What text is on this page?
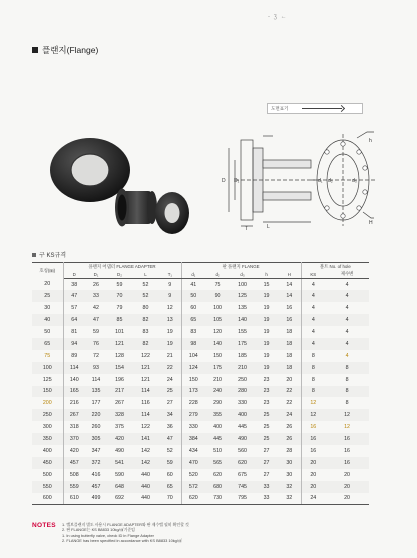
- ʒ ←
플랜지(Flange)
도면표기
D D₁
L
T
d₁ d₂	d₃
h
H
구 KS규격
호칭(㎜)	플랜지 어댑터 FLANGE ADAPTER					판 플랜지 FLANGE					볼트 No. of hole	
	D	D₁	D₂	L	T₁	d₁	d₂	d₃	h	H	KS	제수변
20	38	26	59	52	9	41	75	100	15	14	4	4
25	47	33	70	52	9	50	90	125	19	14	4	4
30	57	42	79	80	12	60	100	135	19	16	4	4
40	64	47	85	82	13	65	105	140	19	16	4	4
50	81	59	101	83	19	83	120	155	19	18	4	4
65	94	76	121	82	19	98	140	175	19	18	4	4
75	89	72	128	122	21	104	150	185	19	18	8	4
100	114	93	154	121	22	124	175	210	19	18	8	8
125	140	114	196	121	24	150	210	250	23	20	8	8
150	165	135	217	114	25	173	240	280	23	22	8	8
200	216	177	267	116	27	228	290	330	23	22	12	8
250	267	220	328	114	34	279	355	400	25	24	12	12
300	318	260	375	122	36	330	400	445	25	26	16	12
350	370	305	420	141	47	384	445	490	25	26	16	16
400	420	347	490	142	52	434	510	560	27	28	16	16
450	457	372	541	142	59	470	565	620	27	30	20	16
500	508	416	590	440	60	520	620	675	27	30	20	20
550	559	457	648	440	65	572	680	745	33	32	20	20
600	610	499	692	440	70	620	730	795	33	32	24	20
NOTES 1. 밸브플랜지 별도 사용시 FLANGE ADAPTER와 판 제수밸 필히 확인할 것
2. 판 FLANGE는 KS B8833 10kg/㎠기준임
1. In using butterfly valve, check ID in Flange Adapter
2. FLANGE has been specified in accordance with KS B8833 10kg/㎠
